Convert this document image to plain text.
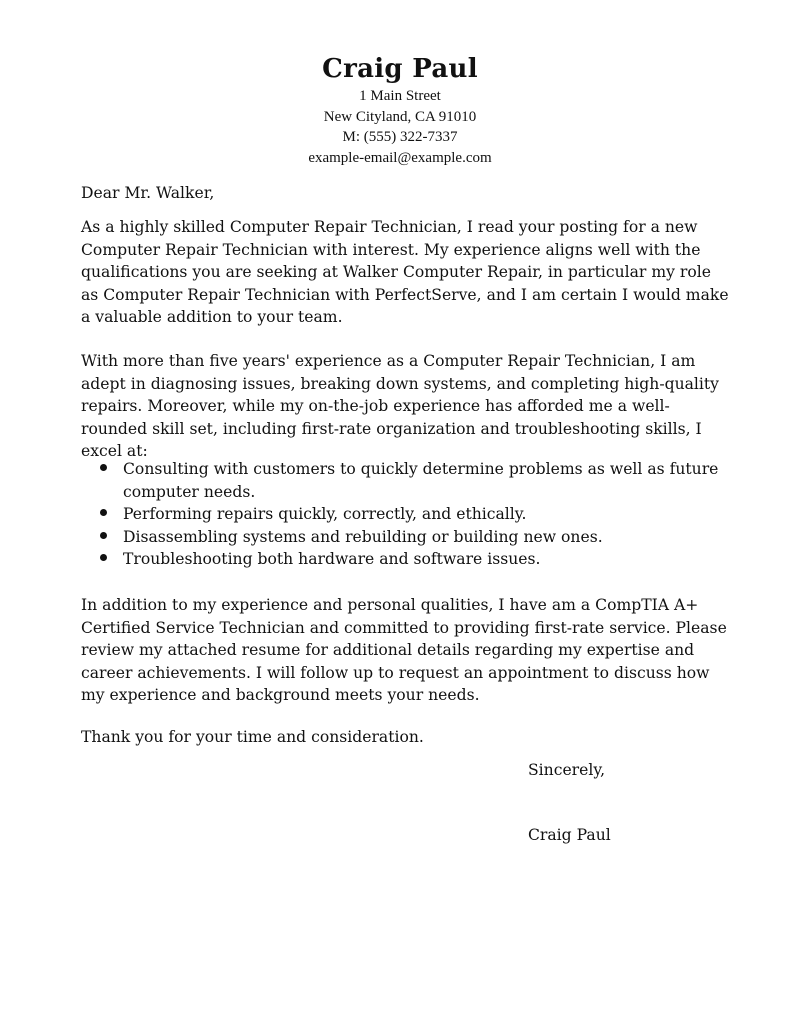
Craig Paul
1 Main Street
New Cityland, CA 91010
M: (555) 322-7337
example-email@example.com

Dear Mr. Walker,

As a highly skilled Computer Repair Technician, I read your posting for a new Computer Repair Technician with interest. My experience aligns well with the qualifications you are seeking at Walker Computer Repair, in particular my role as Computer Repair Technician with PerfectServe, and I am certain I would make a valuable addition to your team.

With more than five years' experience as a Computer Repair Technician, I am adept in diagnosing issues, breaking down systems, and completing high-quality repairs. Moreover, while my on-the-job experience has afforded me a well-rounded skill set, including first-rate organization and troubleshooting skills, I excel at:

Consulting with customers to quickly determine problems as well as future computer needs.
Performing repairs quickly, correctly, and ethically.
Disassembling systems and rebuilding or building new ones.
Troubleshooting both hardware and software issues.

In addition to my experience and personal qualities, I have am a CompTIA A+ Certified Service Technician and committed to providing first-rate service. Please review my attached resume for additional details regarding my expertise and career achievements. I will follow up to request an appointment to discuss how my experience and background meets your needs.

Thank you for your time and consideration.

Sincerely,
Craig Paul
